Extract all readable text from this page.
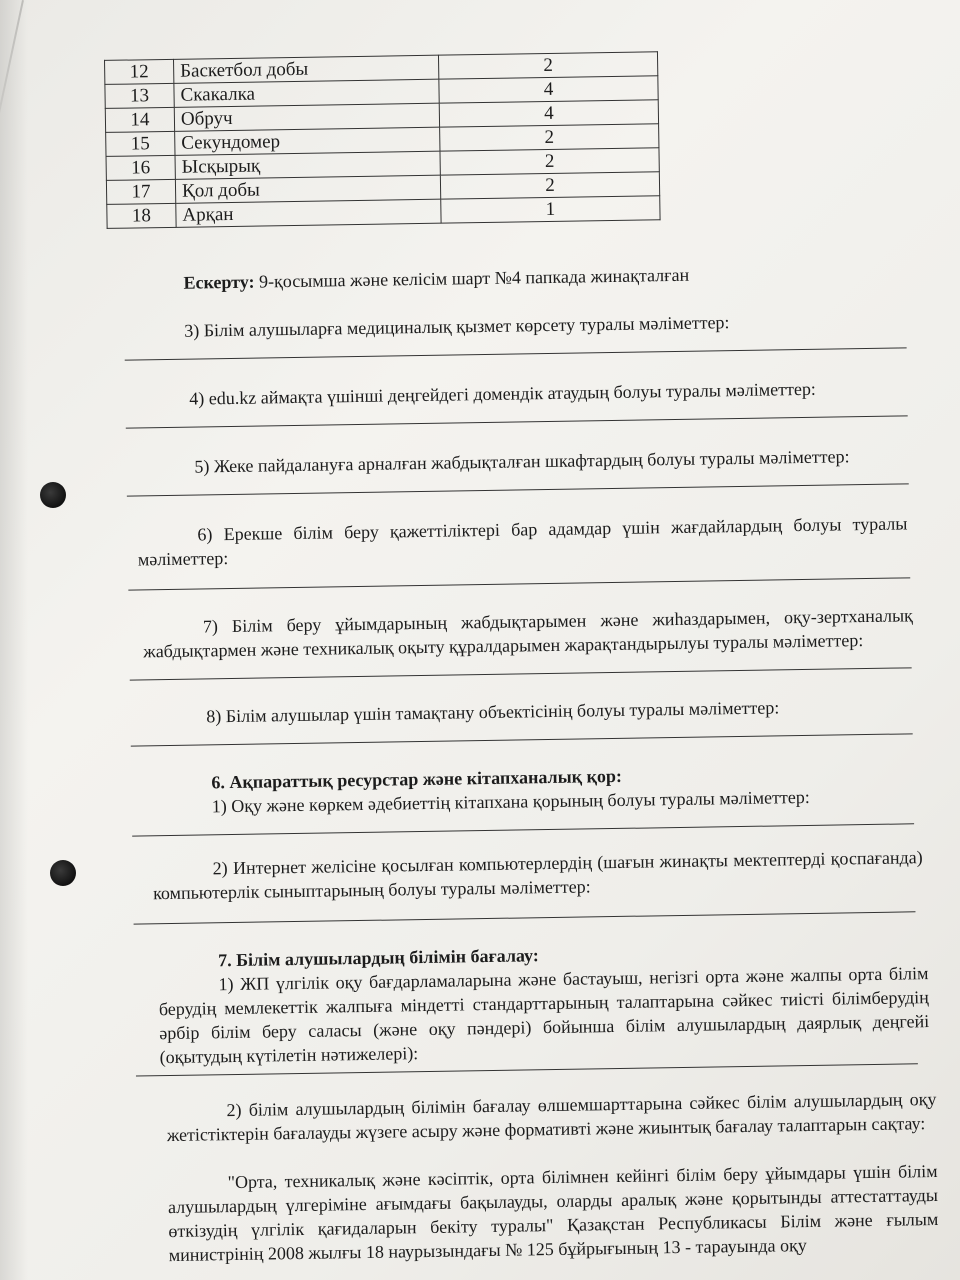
12	Баскетбол добы	2
13	Скакалка	4
14	Обруч	4
15	Секундомер	2
16	Ысқырық	2
17	Қол добы	2
18	Арқан	1
Ескерту: 9-қосымша және келісім шарт №4 папкада жинақталған
3) Білім алушыларға медициналық қызмет көрсету туралы мәліметтер:
4) edu.kz аймақта үшінші деңгейдегі домендік атаудың болуы туралы мәліметтер:
5) Жеке пайдалануға арналған жабдықталған шкафтардың болуы туралы мәліметтер:
6) Ерекше білім беру қажеттіліктері бар адамдар үшін жағдайлардың болуы туралы мәліметтер:
7) Білім беру ұйымдарының жабдықтарымен және жиһаздарымен, оқу-зертханалық жабдықтармен және техникалық оқыту құралдарымен жарақтандырылуы туралы мәліметтер:
8) Білім алушылар үшін тамақтану объектісінің болуы туралы мәліметтер:
6. Ақпараттық ресурстар және кітапханалық қор:
1) Оқу және көркем әдебиеттің кітапхана қорының болуы туралы мәліметтер:
2) Интернет желісіне қосылған компьютерлердің (шағын жинақты мектептерді қоспағанда) компьютерлік сыныптарының болуы туралы мәліметтер:
7. Білім алушылардың білімін бағалау:
1) ЖП үлгілік оқу бағдарламаларына және бастауыш, негізгі орта және жалпы орта білім берудің мемлекеттік жалпыға міндетті стандарттарының талаптарына сәйкес тиісті білімберудің әрбір білім беру саласы (және оқу пәндері) бойынша білім алушылардың даярлық деңгейі (оқытудың күтілетін нәтижелері):
2) білім алушылардың білімін бағалау өлшемшарттарына сәйкес білім алушылардың оқу жетістіктерін бағалауды жүзеге асыру және формативті және жиынтық бағалау талаптарын сақтау:
"Орта, техникалық және кәсіптік, орта білімнен кейінгі білім беру ұйымдары үшін білім алушылардың үлгеріміне ағымдағы бақылауды, оларды аралық және қорытынды аттестаттауды өткізудің үлгілік қағидаларын бекіту туралы" Қазақстан Республикасы Білім және ғылым министрінің 2008 жылғы 18 наурызындағы № 125 бұйрығының 13 - тарауында оқу
